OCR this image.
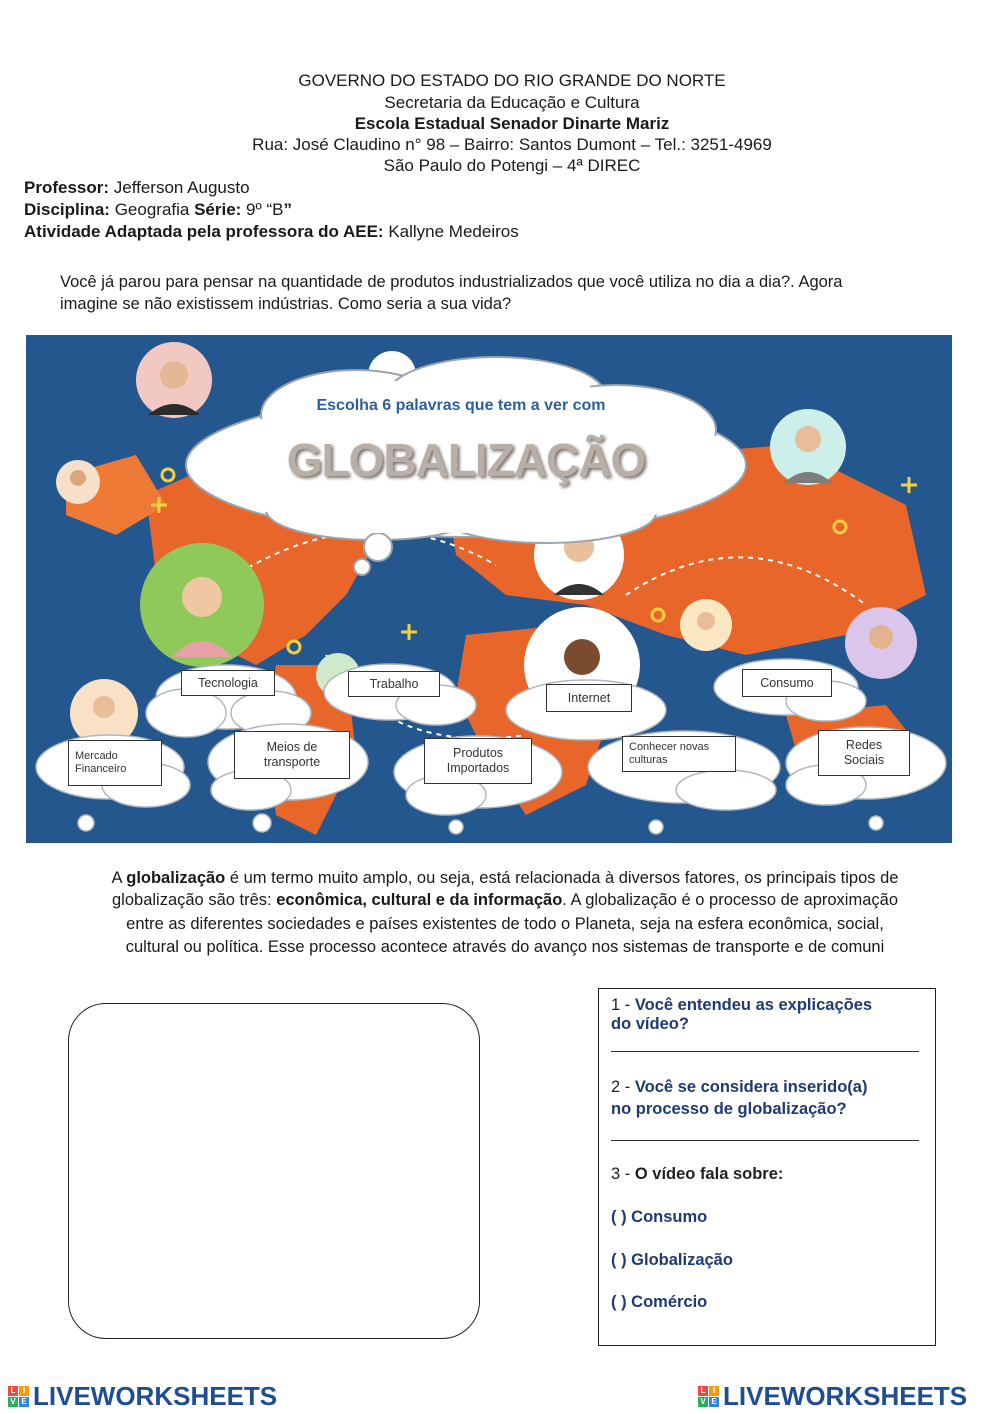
GOVERNO DO ESTADO DO RIO GRANDE DO NORTE
Secretaria da Educação e Cultura
Escola Estadual Senador Dinarte Mariz
Rua: José Claudino n° 98 – Bairro: Santos Dumont – Tel.: 3251-4969
São Paulo do Potengi – 4ª DIREC
Professor: Jefferson Augusto
Disciplina: Geografia Série: 9º “B”
Atividade Adaptada pela professora do AEE: Kallyne Medeiros
Você já parou para pensar na quantidade de produtos industrializados que você utiliza no dia a dia?. Agora
imagine se não existissem indústrias. Como seria a sua vida?
Escolha 6 palavras que tem a ver com
GLOBALIZAÇÃO
Tecnologia	Trabalho
Internet
Consumo
Mercado Financeiro
Meios de transporte
Produtos Importados
Conhecer novas culturas
Redes Sociais
A globalização é um termo muito amplo, ou seja, está relacionada à diversos fatores, os principais tipos de
globalização são três: econômica, cultural e da informação. A globalização é o processo de aproximação
entre as diferentes sociedades e países existentes de todo o Planeta, seja na esfera econômica, social,
cultural ou política. Esse processo acontece através do avanço nos sistemas de transporte e de comuni
1 - Você entendeu as explicações
do vídeo?
2 - Você se considera inserido(a)
no processo de globalização?
3 - O vídeo fala sobre:
( ) Consumo
( ) Globalização
( ) Comércio
L I
V E LIVEWORKSHEETS	L I
V E LIVEWORKSHEETS
